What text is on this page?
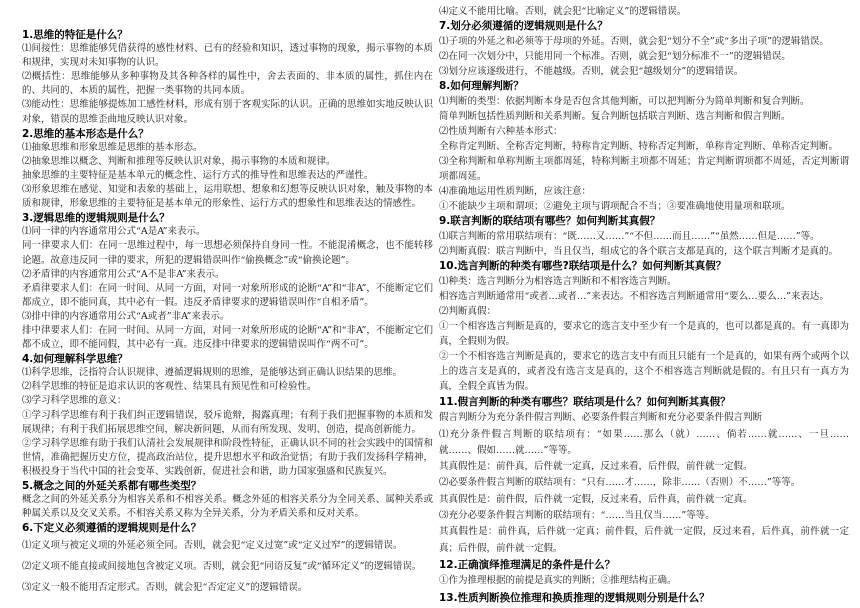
1.思维的特征是什么？
⑴间接性：思维能够凭借获得的感性材料、已有的经验和知识，透过事物的现象，揭示事物的本质和规律，实现对未知事物的认识。
⑵概括性：思维能够从多种事物及其各种各样的属性中，舍去表面的、非本质的属性，抓住内在的、共同的、本质的属性，把握一类事物的共同本质。
⑶能动性：思维能够提炼加工感性材料，形成有别于客观实际的认识。正确的思维如实地反映认识对象，错误的思维歪曲地反映认识对象。
2.思维的基本形态是什么？
⑴抽象思维和形象思维是思维的基本形态。
⑵抽象思维以概念、判断和推理等反映认识对象，揭示事物的本质和规律。
抽象思维的主要特征是基本单元的概念性、运行方式的推导性和思维表达的严谨性。
⑶形象思维在感觉、知觉和表象的基础上，运用联想、想象和幻想等反映认识对象，触及事物的本质和规律，形象思维的主要特征是基本单元的形象性、运行方式的想象性和思维表达的情感性。
3.逻辑思维的逻辑规则是什么？
⑴同一律的内容通常用公式“A是A”来表示。
同一律要求人们：在同一思维过程中，每一思想必须保持自身同一性。不能混淆概念，也不能转移论题。故意违反同一律的要求，所犯的逻辑错误叫作“偷换概念”或“偷换论题”。
⑵矛盾律的内容通常用公式“A不是非A”来表示。
矛盾律要求人们：在同一时间、从同一方面，对同一对象所形成的论断“A”和“非A”，不能断定它们都成立，即不能同真，其中必有一假。违反矛盾律要求的逻辑错误叫作“自相矛盾”。
⑶排中律的内容通常用公式“A或者”非A”来表示。
排中律要求人们：在同一时间、从同一方面，对同一对象所形成的论断“A”和“非A”，不能断定它们都不成立，即不能同假，其中必有一真。违反排中律要求的逻辑错误叫作“两不可”。
4.如何理解科学思维？
⑴科学思维，泛指符合认识规律、遵循逻辑规则的思维，是能够达到正确认识结果的思维。
⑵科学思维的特征是追求认识的客观性、结果具有预见性和可检验性。
⑶学习科学思维的意义：
①学习科学思维有利于我们纠正逻辑错误，驳斥诡辩，揭露真理；有利于我们把握事物的本质和发展规律；有利于我们拓展思维空间，解决新问题，从而有所发现、发明、创造，提高创新能力。
②学习科学思维有助于我们认清社会发展规律和阶段性特征，正确认识不同的社会实践中的国情和世情，准确把握历史方位，提高政治站位，提升思想水平和政治觉悟；有助于我们发扬科学精神，积极投身于当代中国的社会变革、实践创新，促进社会和谐，助力国家强盛和民族复兴。
5.概念之间的外延关系都有哪些类型？
概念之间的外延关系分为相容关系和不相容关系。概念外延的相容关系分为全同关系、属种关系或种属关系以及交叉关系。不相容关系又称为全异关系，分为矛盾关系和反对关系。
6.下定义必须遵循的逻辑规则是什么？
⑴定义项与被定义项的外延必须全同。否则，就会犯“定义过宽”或“定义过窄”的逻辑错误。
⑵定义项不能直接或间接地包含被定义项。否则，就会犯“同语反复”或“循环定义”的逻辑错误。
⑶定义一般不能用否定形式。否则，就会犯“否定定义”的逻辑错误。
⑷定义不能用比喻。否则，就会犯“比喻定义”的逻辑错误。
7.划分必须遵循的逻辑规则是什么？
⑴子项的外延之和必须等于母项的外延。否则，就会犯“划分不全”或“多出子项”的逻辑错误。
⑵在同一次划分中，只能用同一个标准。否则，就会犯“划分标准不一”的逻辑错误。
⑶划分应该逐级进行，不能越级。否则，就会犯“越级划分”的逻辑错误。
8.如何理解判断？
⑴判断的类型：依据判断本身是否包含其他判断，可以把判断分为简单判断和复合判断。
简单判断包括性质判断和关系判断。复合判断包括联言判断、选言判断和假言判断。
⑵性质判断有六种基本形式：
全称肯定判断、全称否定判断，特称肯定判断、特称否定判断，单称肯定判断、单称否定判断。
⑶全称判断和单称判断主项都周延，特称判断主项都不周延；肯定判断谓项都不周延，否定判断谓项都周延。
⑷准确地运用性质判断，应该注意：
①不能缺少主项和谓项；②避免主项与谓项配合不当；③要准确地使用量项和联项。
9.联言判断的联结项有哪些？如何判断其真假？
⑴联言判断的常用联结项有：“既……又……”“不但……而且……”“虽然……但是……”等。
⑵判断真假：联言判断中，当且仅当，组成它的各个联言支都是真的，这个联言判断才是真的。
10.选言判断的种类有哪些?联结项是什么？如何判断其真假？
⑴种类：选言判断分为相容选言判断和不相容选言判断。
相容选言判断通常用“或者…或者…”来表达。不相容选言判断通常用“要么…要么…”来表达。
⑵判断真假：
①一个相容选言判断是真的，要求它的选言支中至少有一个是真的，也可以都是真的。有一真即为真，全假则为假。
②一个不相容选言判断是真的，要求它的选言支中有而且只能有一个是真的，如果有两个或两个以上的选言支是真的，或者没有选言支是真的，这个不相容选言判断就是假的。有且只有一真方为真，全假全真皆为假。
11.假言判断的种类有哪些？联结项是什么？如何判断其真假？
假言判断分为充分条件假言判断、必要条件假言判断和充分必要条件假言判断
⑴充分条件假言判断的联结项有：“如果……那么（就）……、倘若……就……、一旦……就……、假如……就……”等等。
其真假性是：前件真，后件就一定真，反过来看，后件假，前件就一定假。
⑵必要条件假言判断的联结项有：“只有……才……，除非……（否则）不……”等等。
其真假性是：前件假，后件就一定假，反过来看，后件真，前件就一定真。
⑶充分必要条件假言判断的联结项有：“……当且仅当……”等等。
其真假性是：前件真，后件就一定真；前件假，后件就一定假，反过来看，后件真，前件就一定真；后件假，前件就一定假。
12.正确演绎推理满足的条件是什么？
①作为推理根据的前提是真实的判断；②推理结构正确。
13.性质判断换位推理和换质推理的逻辑规则分别是什么？
